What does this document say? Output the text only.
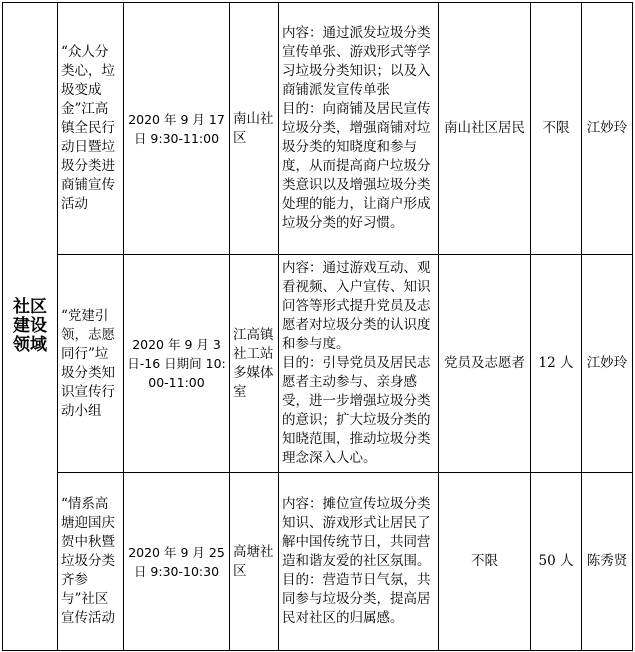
社区建设领域	“众人分类心，垃圾变成金”江高镇全民行动日暨垃圾分类进商铺宣传活动	2020 年 9 月 17 日 9:30-11:00	南山社区	内容：通过派发垃圾分类宣传单张、游戏形式等学习垃圾分类知识；以及入商铺派发宣传单张
目的：向商铺及居民宣传垃圾分类，增强商铺对垃圾分类的知晓度和参与度，从而提高商户垃圾分类意识以及增强垃圾分类处理的能力，让商户形成垃圾分类的好习惯。	南山社区居民	不限	江妙玲
	“党建引领，志愿同行”垃圾分类知识宣传行动小组	2020 年 9 月 3 日-16 日期间 10:00-11:00	江高镇社工站多媒体室	内容：通过游戏互动、观看视频、入户宣传、知识问答等形式提升党员及志愿者对垃圾分类的认识度和参与度。
目的：引导党员及居民志愿者主动参与、亲身感受，进一步增强垃圾分类的意识；扩大垃圾分类的知晓范围，推动垃圾分类理念深入人心。	党员及志愿者	12 人	江妙玲
	“情系高塘迎国庆贺中秋暨垃圾分类齐参与”社区宣传活动	2020 年 9 月 25 日 9:30-10:30	高塘社区	内容：摊位宣传垃圾分类知识、游戏形式让居民了解中国传统节日，共同营造和谐友爱的社区氛围。
目的：营造节日气氛，共同参与垃圾分类，提高居民对社区的归属感。	不限	50 人	陈秀贤
